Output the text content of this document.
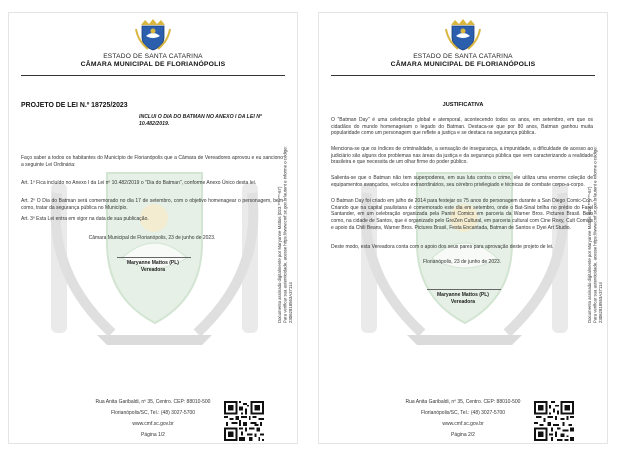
ESTADO DE SANTA CATARINA
CÂMARA MUNICIPAL DE FLORIANÓPOLIS
PROJETO DE LEI N.º 18725/2023
INCLUI O DIA DO BATMAN NO ANEXO I DA LEI Nº 10.482/2019.
Faço saber a todos os habitantes do Município de Florianópolis que a Câmara de Vereadores aprovou e eu sanciono a seguinte Lei Ordinária:
Art. 1º Fica incluído no Anexo I da Lei nº 10.482/2019 o "Dia do Batman", conforme Anexo Único desta lei.
Art. 2º O Dia do Batman será comemorado no dia 17 de setembro, com o objetivo homenagear o personagem, bem como, tratar da segurança pública no Município.
Art. 3º Esta Lei entra em vigor na data de sua publicação.
Câmara Municipal de Florianópolis, 23 de junho de 2023.
Maryanne Mattos (PL)
Vereadora
Documento assinado digitalmente por Maryanne Mattos (023.***.***-67)
Para verificar sua autenticidade, acesse https://www.cmf.sc.gov.br/autent e informe o código: 23062818553A37114
Rua Anita Garibaldi, nº 35, Centro. CEP: 88010-500
Florianópolis/SC, Tel.: (48) 3027-5700
www.cmf.sc.gov.br
Página 1/2
ESTADO DE SANTA CATARINA
CÂMARA MUNICIPAL DE FLORIANÓPOLIS
JUSTIFICATIVA
O "Batman Day" é uma celebração global e atemporal, acontecendo todos os anos, em setembro, em que os cidadãos do mundo homenageiam o legado do Batman. Destaca-se que por 80 anos, Batman ganhou muita popularidade como um personagem que reflete a justiça e se destaca na segurança pública.
Menciona-se que os índices de criminalidade, a sensação de insegurança, a impunidade, a dificuldade de acesso ao judiciário são alguns dos problemas nas áreas da justiça e da segurança pública que vem caracterizando a realidade brasileira e que necessita de um olhar firme do poder público.
Salienta-se que o Batman não tem superpoderes, em sua luta contra o crime, ele utiliza uma enorme coleção de equipamentos avançados, veículos extraordinários, seu cérebro privilegiado e técnicas de combate corpo-a-corpo.
O Batman Day foi criado em julho de 2014 para festejar os 75 anos do personagem durante a San Diego Comic-Con. Criando que na capital paulistana é comemorado este dia em setembro, onde o Bat-Sinal brilha no prédio do Farol Santander, em um celebração organizada pela Panini Comics em parceria da Warner Bros. Pictures Brasil. Bem como, na cidade de Santos, que é organizado pelo GreZen Cultural, em parceria cultural com Cine Roxy, Cult Comics e apoio da Chili Beans, Warner Bros. Pictures Brasil, Festa Encantada, Batman de Santos e Dyei Art Studio.
Deste modo, esta Vereadora conta com o apoio dos seus pares para aprovação deste projeto de lei.
Florianópolis, 23 de junho de 2023.
Maryanne Mattos (PL)
Vereadora	Documento assinado digitalmente por Maryanne Mattos (023.***.***-67)
Para verificar sua autenticidade, acesse https://www.cmf.sc.gov.br/autent e informe o código: 23062818553A37114
Rua Anita Garibaldi, nº 35, Centro. CEP: 88010-500
Florianópolis/SC, Tel.: (48) 3027-5700
www.cmf.sc.gov.br
Página 2/2
